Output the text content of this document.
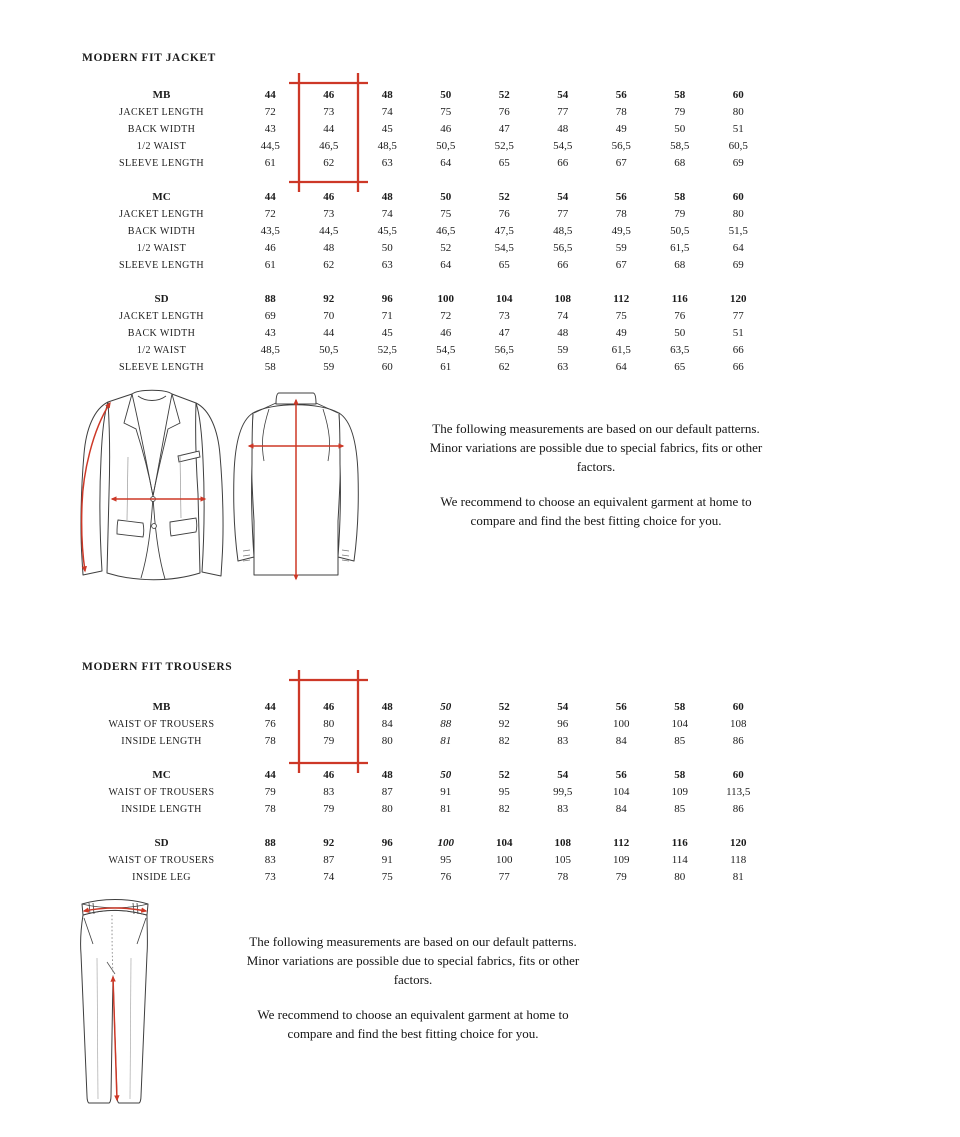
MODERN FIT JACKET
MB	44	46	48	50	52	54	56	58	60
JACKET LENGTH	72	73	74	75	76	77	78	79	80
BACK WIDTH	43	44	45	46	47	48	49	50	51
1/2 WAIST	44,5	46,5	48,5	50,5	52,5	54,5	56,5	58,5	60,5
SLEEVE LENGTH	61	62	63	64	65	66	67	68	69
MC	44	46	48	50	52	54	56	58	60
JACKET LENGTH	72	73	74	75	76	77	78	79	80
BACK WIDTH	43,5	44,5	45,5	46,5	47,5	48,5	49,5	50,5	51,5
1/2 WAIST	46	48	50	52	54,5	56,5	59	61,5	64
SLEEVE LENGTH	61	62	63	64	65	66	67	68	69
SD	88	92	96	100	104	108	112	116	120
JACKET LENGTH	69	70	71	72	73	74	75	76	77
BACK WIDTH	43	44	45	46	47	48	49	50	51
1/2 WAIST	48,5	50,5	52,5	54,5	56,5	59	61,5	63,5	66
SLEEVE LENGTH	58	59	60	61	62	63	64	65	66

The following measurements are based on our default patterns. Minor variations are possible due to special fabrics, fits or other factors.

We recommend to choose an equivalent garment at home to compare and find the best fitting choice for you.

MODERN FIT TROUSERS
MB	44	46	48	50	52	54	56	58	60
WAIST OF TROUSERS	76	80	84	88	92	96	100	104	108
INSIDE LENGTH	78	79	80	81	82	83	84	85	86
MC	44	46	48	50	52	54	56	58	60
WAIST OF TROUSERS	79	83	87	91	95	99,5	104	109	113,5
INSIDE LENGTH	78	79	80	81	82	83	84	85	86
SD	88	92	96	100	104	108	112	116	120
WAIST OF TROUSERS	83	87	91	95	100	105	109	114	118
INSIDE LEG	73	74	75	76	77	78	79	80	81

The following measurements are based on our default patterns. Minor variations are possible due to special fabrics, fits or other factors.

We recommend to choose an equivalent garment at home to compare and find the best fitting choice for you.
